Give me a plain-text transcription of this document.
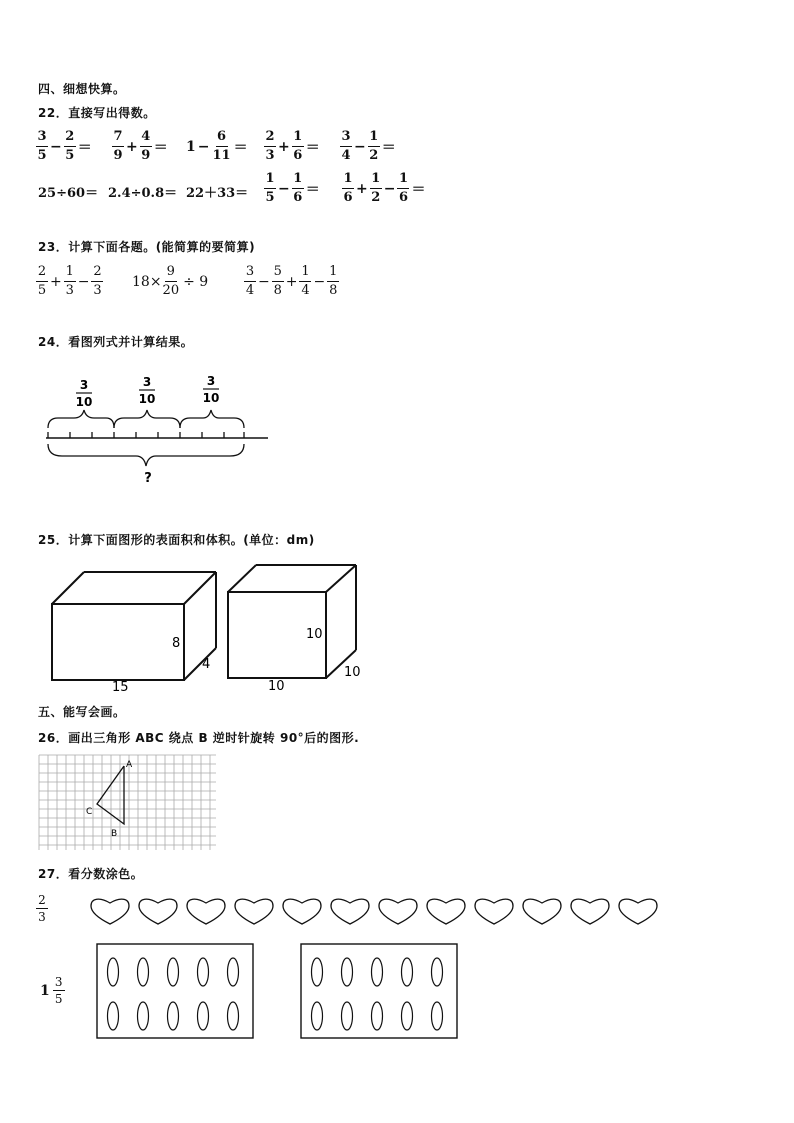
四、细想快算。
22．直接写出得数。
$\frac{3}{5} - \frac{2}{5} = \frac{7}{9} + \frac{4}{9} = 1 - \frac{6}{11} = \frac{2}{3} + \frac{1}{6} = \frac{3}{4} - \frac{1}{2}$ ＝
$25\div 60= 2.4\div 0.8= 22+33= \frac{1}{5} - \frac{1}{6} = \frac{1}{6} + \frac{1}{2} - \frac{1}{6}$ ＝
23．计算下面各题。(能简算的要简算)
$\frac{2}{5} + \frac{1}{3} - \frac{2}{3} 18\times \frac{9}{20} \div 9$	$\frac{3}{4} - \frac{5}{8} + \frac{1}{4} - \frac{1}{8}$
24．看图列式并计算结果。
3
10
3
10
3
10
?
25．计算下面图形的表面积和体积。(单位：dm)
8
4
15
10
10
10
五、能写会画。
26．画出三角形 ABC 绕点 B 逆时针旋转 90°后的图形.
A
B
C
27．看分数涂色。
$\frac{2}{3}$
$1 \frac{3}{5}$
